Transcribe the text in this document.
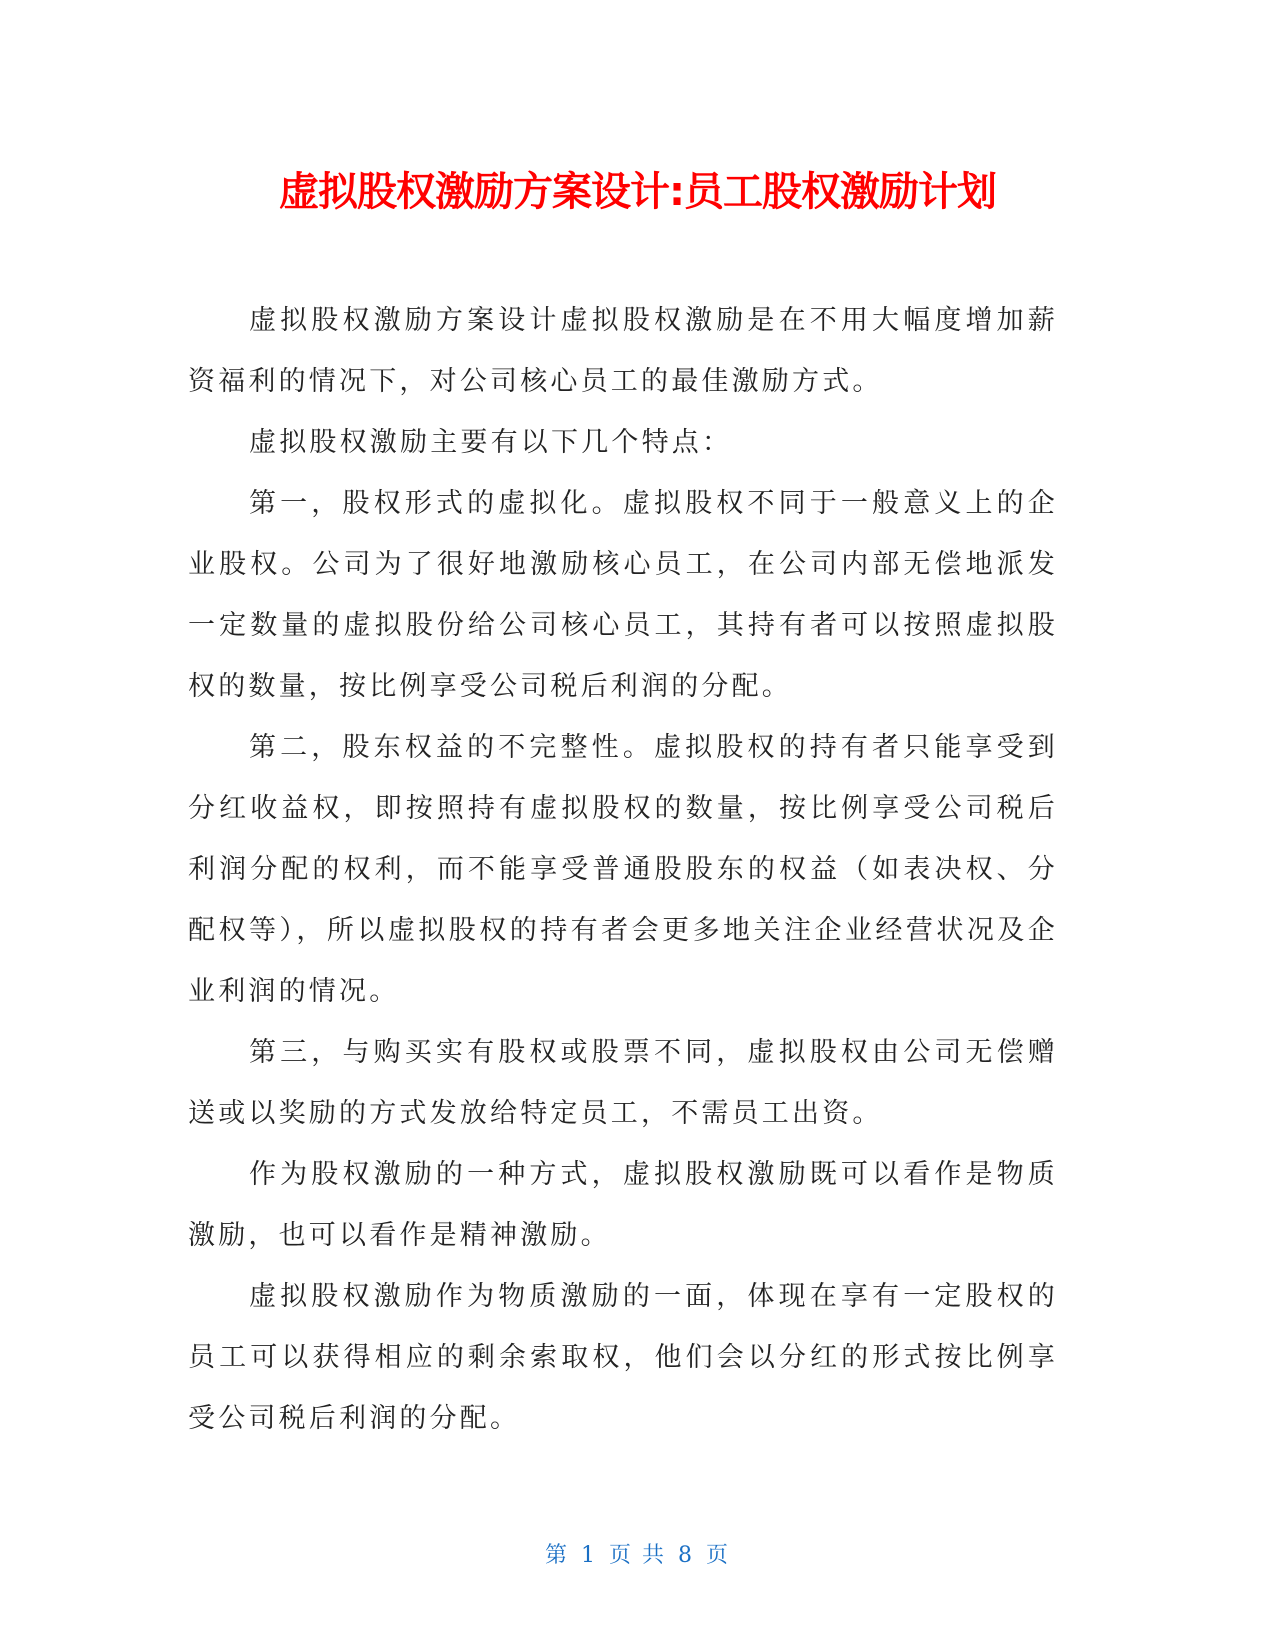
虚拟股权激励方案设计:员工股权激励计划

虚拟股权激励方案设计虚拟股权激励是在不用大幅度增加薪资福利的情况下，对公司核心员工的最佳激励方式。

虚拟股权激励主要有以下几个特点：

第一，股权形式的虚拟化。虚拟股权不同于一般意义上的企业股权。公司为了很好地激励核心员工，在公司内部无偿地派发一定数量的虚拟股份给公司核心员工，其持有者可以按照虚拟股权的数量，按比例享受公司税后利润的分配。

第二，股东权益的不完整性。虚拟股权的持有者只能享受到分红收益权，即按照持有虚拟股权的数量，按比例享受公司税后利润分配的权利，而不能享受普通股股东的权益（如表决权、分配权等），所以虚拟股权的持有者会更多地关注企业经营状况及企业利润的情况。

第三，与购买实有股权或股票不同，虚拟股权由公司无偿赠送或以奖励的方式发放给特定员工，不需员工出资。

作为股权激励的一种方式，虚拟股权激励既可以看作是物质激励，也可以看作是精神激励。

虚拟股权激励作为物质激励的一面，体现在享有一定股权的员工可以获得相应的剩余索取权，他们会以分红的形式按比例享受公司税后利润的分配。

第 1 页 共 8 页
